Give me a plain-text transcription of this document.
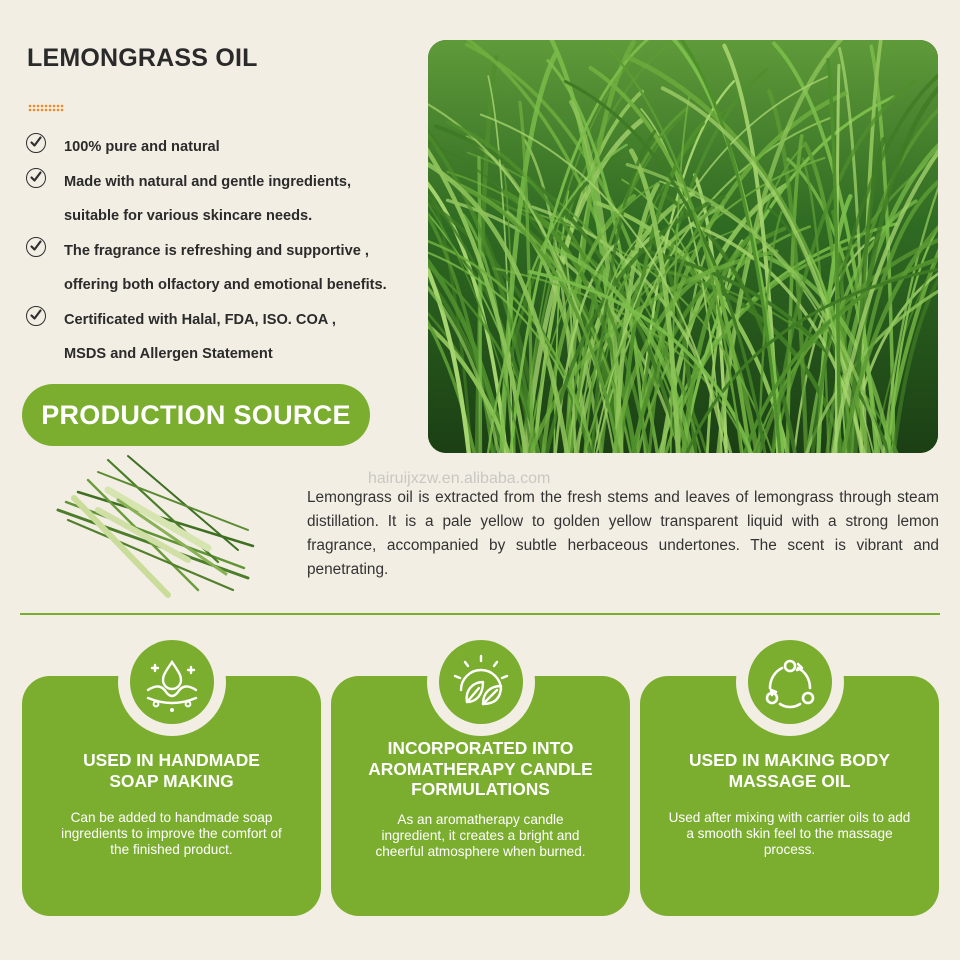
LEMONGRASS OIL
100% pure and natural
Made with natural and gentle ingredients,
suitable for various skincare needs.
The fragrance is refreshing and supportive ,
offering both olfactory and emotional benefits.
Certificated with Halal, FDA, ISO. COA ,
MSDS and Allergen Statement
PRODUCTION SOURCE
hairuijxzw.en.alibaba.com

Lemongrass oil is extracted from the fresh stems and leaves of lemongrass through steam distillation. It is a pale yellow to golden yellow transparent liquid with a strong lemon fragrance, accompanied by subtle herbaceous undertones. The scent is vibrant and penetrating.

USED IN HANDMADE
SOAP MAKING

Can be added to handmade soap
ingredients to improve the comfort of
the finished product.

INCORPORATED INTO
AROMATHERAPY CANDLE
FORMULATIONS

As an aromatherapy candle
ingredient, it creates a bright and
cheerful atmosphere when burned.

USED IN MAKING BODY
MASSAGE OIL

Used after mixing with carrier oils to add
a smooth skin feel to the massage
process.
